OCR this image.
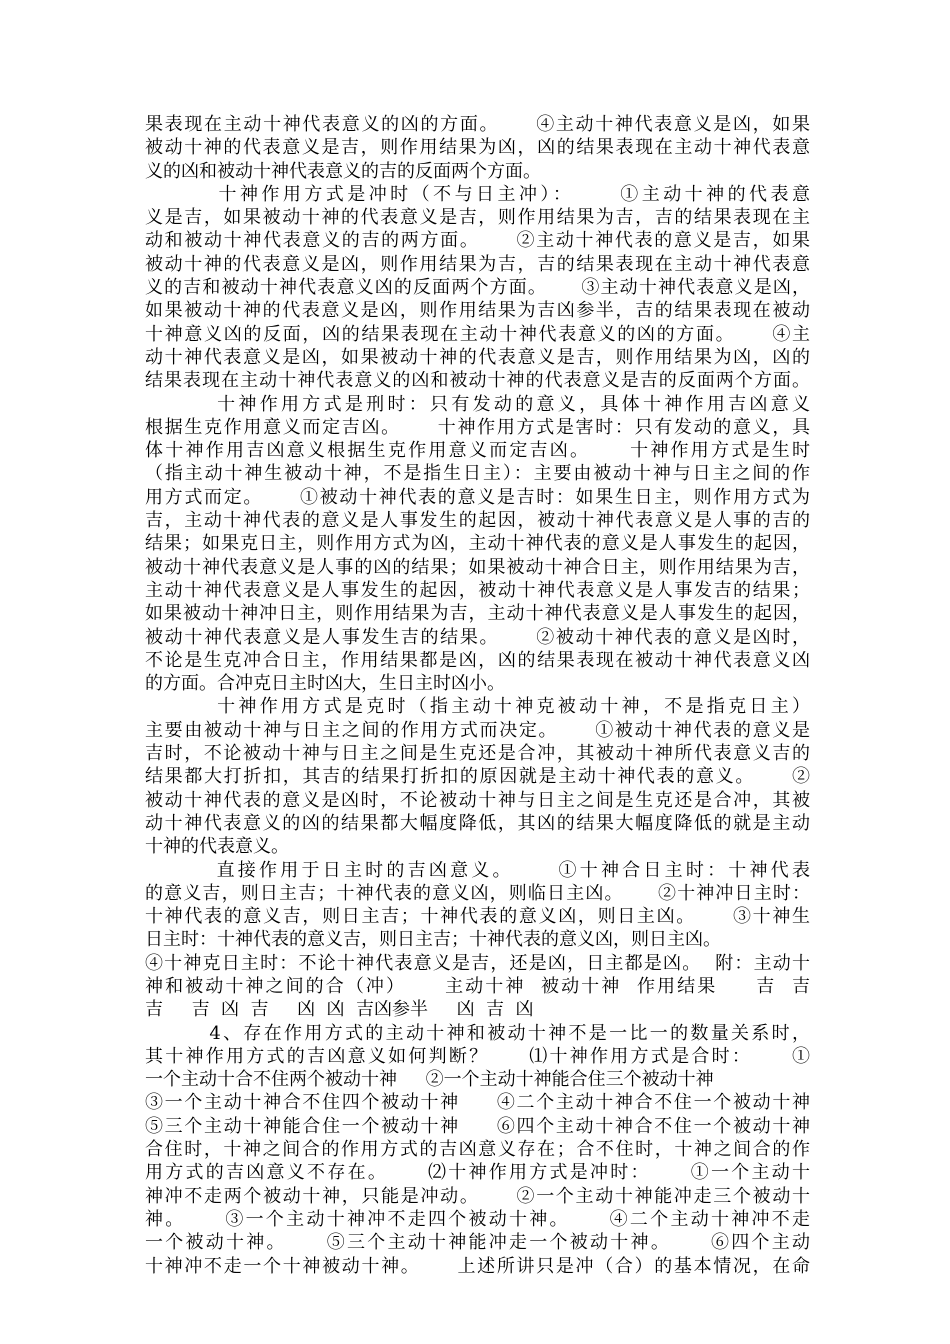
果表现在主动十神代表意义的凶的方面。     ④主动十神代表意义是凶，如果
被动十神的代表意义是吉，则作用结果为凶，凶的结果表现在主动十神代表意
义的凶和被动十神代表意义的吉的反面两个方面。
十神作用方式是冲时（不与日主冲）：     ①主动十神的代表意
义是吉，如果被动十神的代表意义是吉，则作用结果为吉，吉的结果表现在主
动和被动十神代表意义的吉的两方面。     ②主动十神代表的意义是吉，如果
被动十神的代表意义是凶，则作用结果为吉，吉的结果表现在主动十神代表意
义的吉和被动十神代表意义凶的反面两个方面。     ③主动十神代表意义是凶，
如果被动十神的代表意义是凶，则作用结果为吉凶参半，吉的结果表现在被动
十神意义凶的反面，凶的结果表现在主动十神代表意义的凶的方面。     ④主
动十神代表意义是凶，如果被动十神的代表意义是吉，则作用结果为凶，凶的
结果表现在主动十神代表意义的凶和被动十神的代表意义是吉的反面两个方面。
十神作用方式是刑时：只有发动的意义，具体十神作用吉凶意义
根据生克作用意义而定吉凶。     十神作用方式是害时：只有发动的意义，具
体十神作用吉凶意义根据生克作用意义而定吉凶。     十神作用方式是生时
（指主动十神生被动十神，不是指生日主）：主要由被动十神与日主之间的作
用方式而定。     ①被动十神代表的意义是吉时：如果生日主，则作用方式为
吉，主动十神代表的意义是人事发生的起因，被动十神代表意义是人事的吉的
结果；如果克日主，则作用方式为凶，主动十神代表的意义是人事发生的起因，
被动十神代表意义是人事的凶的结果；如果被动十神合日主，则作用结果为吉，
主动十神代表意义是人事发生的起因，被动十神代表意义是人事发吉的结果；
如果被动十神冲日主，则作用结果为吉，主动十神代表意义是人事发生的起因，
被动十神代表意义是人事发生吉的结果。     ②被动十神代表的意义是凶时，
不论是生克冲合日主，作用结果都是凶，凶的结果表现在被动十神代表意义凶
的方面。合冲克日主时凶大，生日主时凶小。
十神作用方式是克时（指主动十神克被动十神，不是指克日主）
主要由被动十神与日主之间的作用方式而决定。     ①被动十神代表的意义是
吉时，不论被动十神与日主之间是生克还是合冲，其被动十神所代表意义吉的
结果都大打折扣，其吉的结果打折扣的原因就是主动十神代表的意义。     ②
被动十神代表的意义是凶时，不论被动十神与日主之间是生克还是合冲，其被
动十神代表意义的凶的结果都大幅度降低，其凶的结果大幅度降低的就是主动
十神的代表意义。
直接作用于日主时的吉凶意义。     ①十神合日主时：十神代表
的意义吉，则日主吉；十神代表的意义凶，则临日主凶。     ②十神冲日主时：
十神代表的意义吉，则日主吉；十神代表的意义凶，则日主凶。     ③十神生
日主时：十神代表的意义吉，则日主吉；十神代表的意义凶，则日主凶。
④十神克日主时：不论十神代表意义是吉，还是凶，日主都是凶。  附：主动十
神和被动十神之间的合（冲）     主动十神  被动十神  作用结果     吉  吉
吉     吉  凶  吉     凶  凶  吉凶参半     凶  吉  凶
4、存在作用方式的主动十神和被动十神不是一比一的数量关系时，
其十神作用方式的吉凶意义如何判断？     ⑴十神作用方式是合时：     ①
一个主动十合不住两个被动十神     ②一个主动十神能合住三个被动十神
③一个主动十神合不住四个被动十神     ④二个主动十神合不住一个被动十神
⑤三个主动十神能合住一个被动十神     ⑥四个主动十神合不住一个被动十神
合住时，十神之间合的作用方式的吉凶意义存在；合不住时，十神之间合的作
用方式的吉凶意义不存在。     ⑵十神作用方式是冲时：     ①一个主动十
神冲不走两个被动十神，只能是冲动。     ②一个主动十神能冲走三个被动十
神。     ③一个主动十神冲不走四个被动十神。     ④二个主动十神冲不走
一个被动十神。     ⑤三个主动十神能冲走一个被动十神。     ⑥四个主动
十神冲不走一个十神被动十神。     上述所讲只是冲（合）的基本情况，在命
